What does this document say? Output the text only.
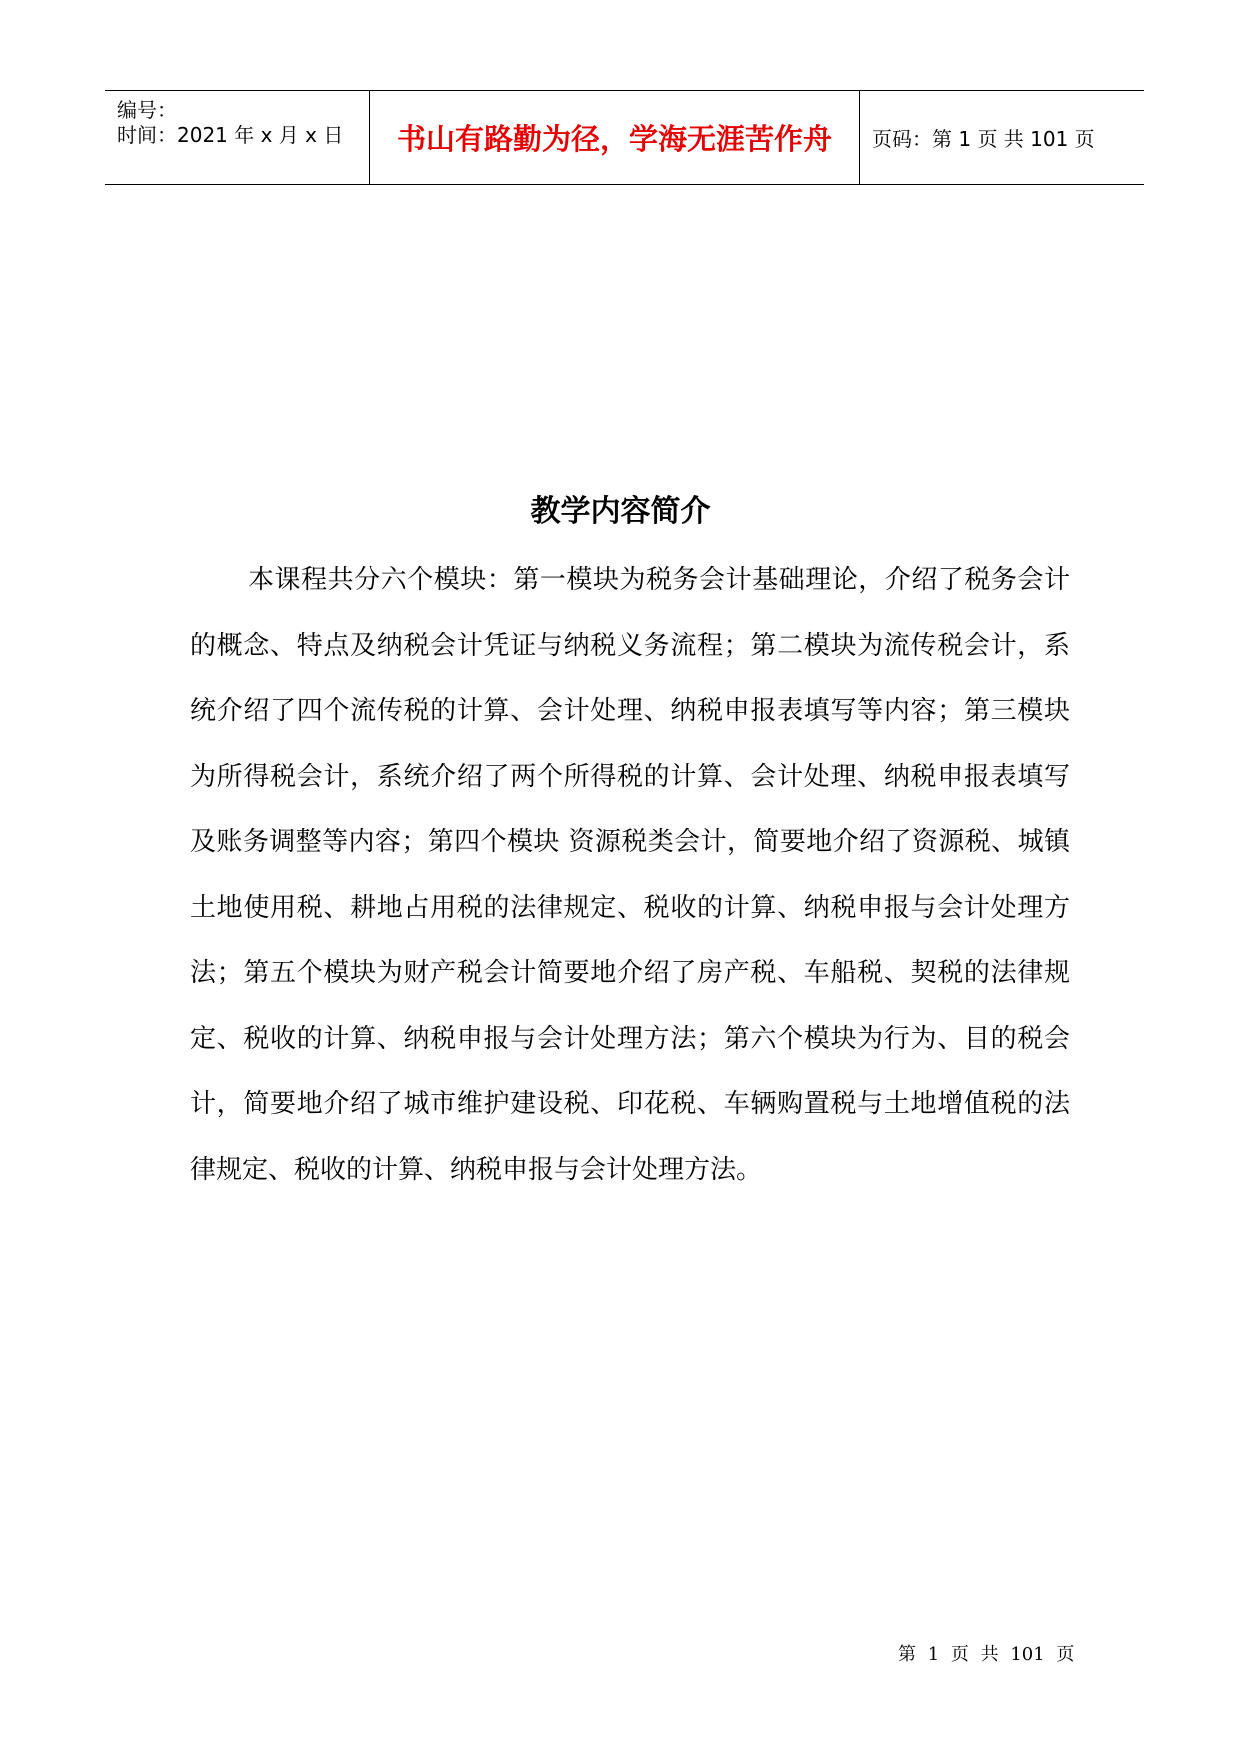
编号：
时间：2021 年 x 月 x 日	书山有路勤为径，学海无涯苦作舟	页码：第 1 页 共 101 页
教学内容简介

本课程共分六个模块：第一模块为税务会计基础理论，介绍了税务会计的概念、特点及纳税会计凭证与纳税义务流程；第二模块为流传税会计，系统介绍了四个流传税的计算、会计处理、纳税申报表填写等内容；第三模块为所得税会计，系统介绍了两个所得税的计算、会计处理、纳税申报表填写及账务调整等内容；第四个模块 资源税类会计，简要地介绍了资源税、城镇土地使用税、耕地占用税的法律规定、税收的计算、纳税申报与会计处理方法；第五个模块为财产税会计简要地介绍了房产税、车船税、契税的法律规定、税收的计算、纳税申报与会计处理方法；第六个模块为行为、目的税会计，简要地介绍了城市维护建设税、印花税、车辆购置税与土地增值税的法律规定、税收的计算、纳税申报与会计处理方法。

第 1 页 共 101 页
